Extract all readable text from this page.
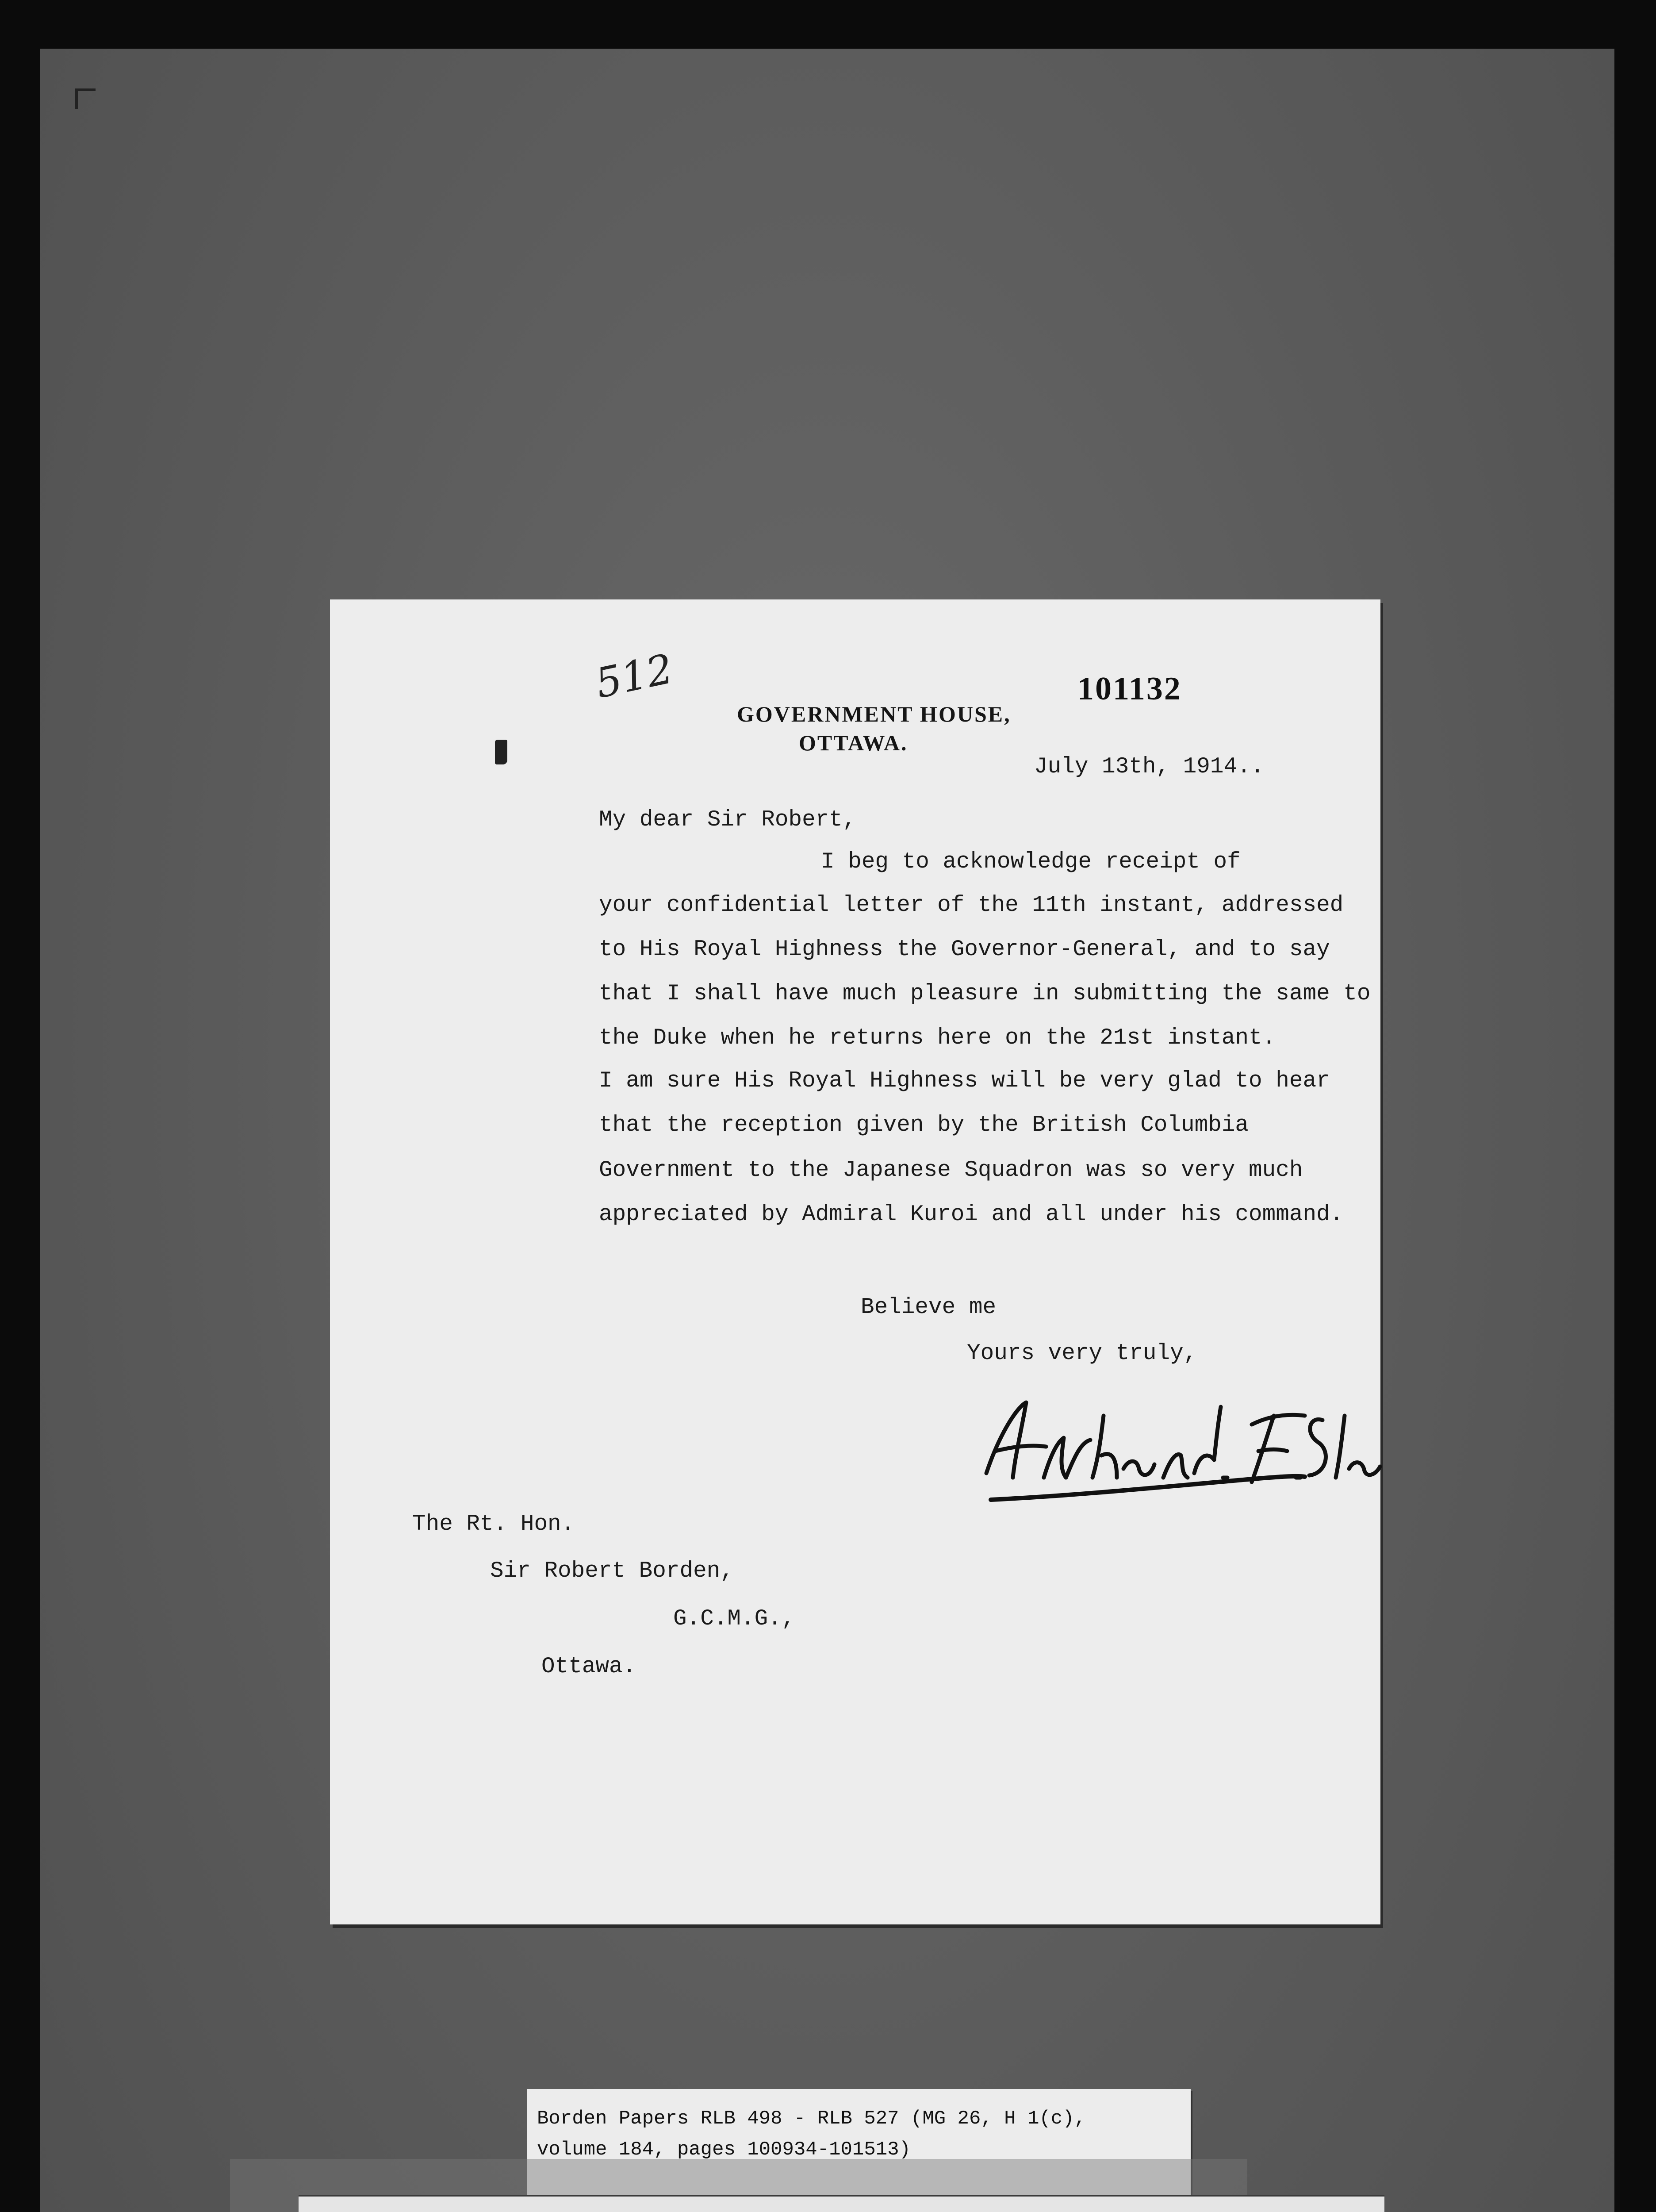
512
GOVERNMENT HOUSE,
OTTAWA.
101132
July 13th, 1914..
My dear Sir Robert,
I beg to acknowledge receipt of
your confidential letter of the 11th instant, addressed
to His Royal Highness the Governor-General, and to say
that I shall have much pleasure in submitting the same to
the Duke when he returns here on the 21st instant.
I am sure His Royal Highness will be very glad to hear
that the reception given by the British Columbia
Government to the Japanese Squadron was so very much
appreciated by Admiral Kuroi and all under his command.
Believe me
Yours very truly,
The Rt. Hon.
Sir Robert Borden,
G.C.M.G.,
Ottawa.
Borden Papers RLB 498 - RLB 527 (MG 26, H 1(c),
volume 184, pages 100934-101513)
